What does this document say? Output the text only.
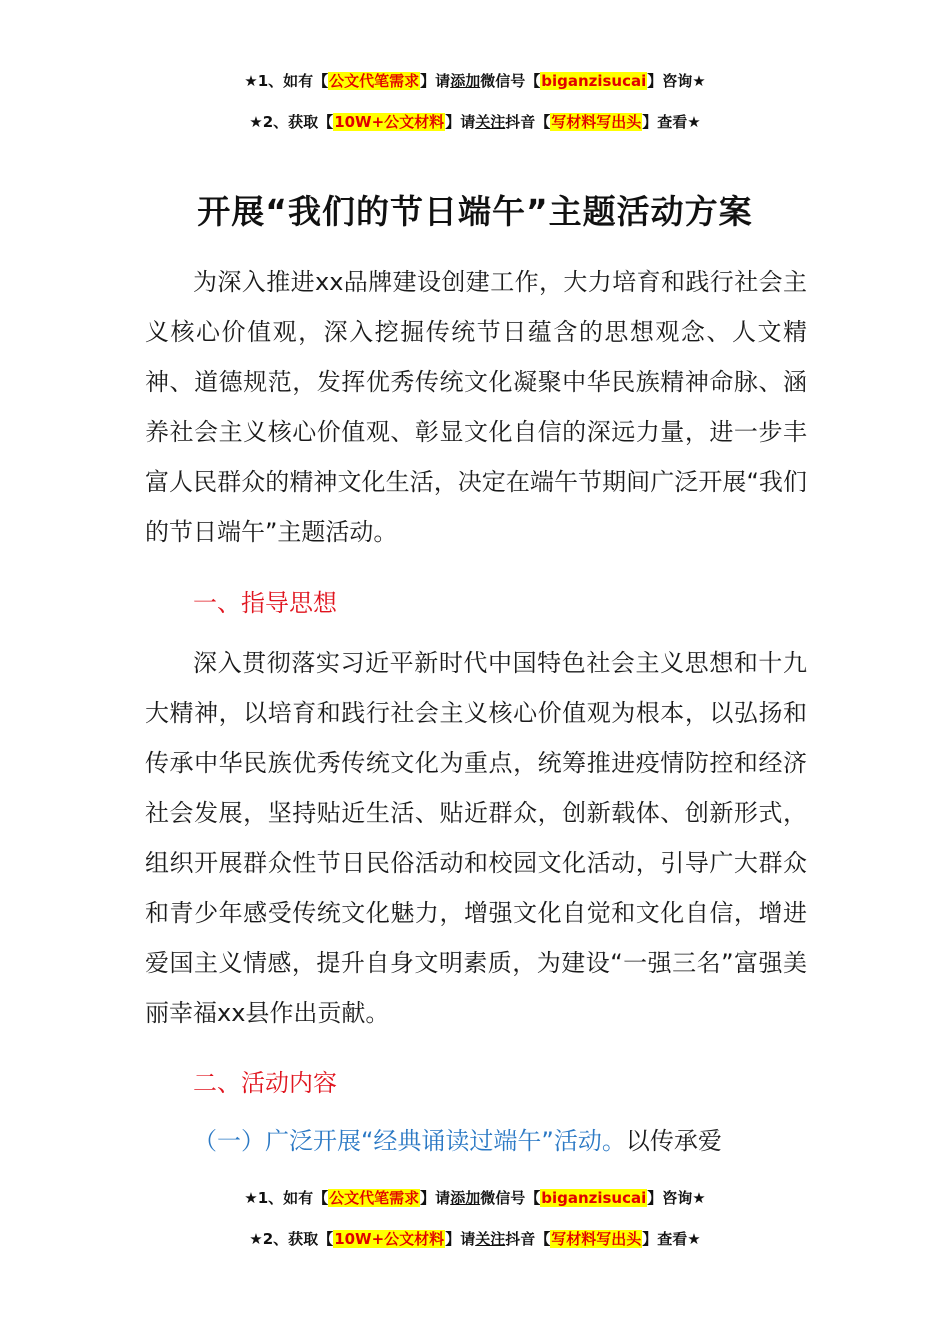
★1、如有【公文代笔需求】请添加微信号【biganzisucai】咨询★
★2、获取【10W+公文材料】请关注抖音【写材料写出头】查看★
开展“我们的节日端午”主题活动方案

为深入推进xx品牌建设创建工作，大力培育和践行社会主义核心价值观，深入挖掘传统节日蕴含的思想观念、人文精神、道德规范，发挥优秀传统文化凝聚中华民族精神命脉、涵养社会主义核心价值观、彰显文化自信的深远力量，进一步丰富人民群众的精神文化生活，决定在端午节期间广泛开展“我们的节日端午”主题活动。

一、指导思想

深入贯彻落实习近平新时代中国特色社会主义思想和十九大精神，以培育和践行社会主义核心价值观为根本，以弘扬和传承中华民族优秀传统文化为重点，统筹推进疫情防控和经济社会发展，坚持贴近生活、贴近群众，创新载体、创新形式，组织开展群众性节日民俗活动和校园文化活动，引导广大群众和青少年感受传统文化魅力，增强文化自觉和文化自信，增进爱国主义情感，提升自身文明素质，为建设“一强三名”富强美丽幸福xx县作出贡献。

二、活动内容
（一）广泛开展“经典诵读过端午”活动。以传承爱
★1、如有【公文代笔需求】请添加微信号【biganzisucai】咨询★
★2、获取【10W+公文材料】请关注抖音【写材料写出头】查看★
